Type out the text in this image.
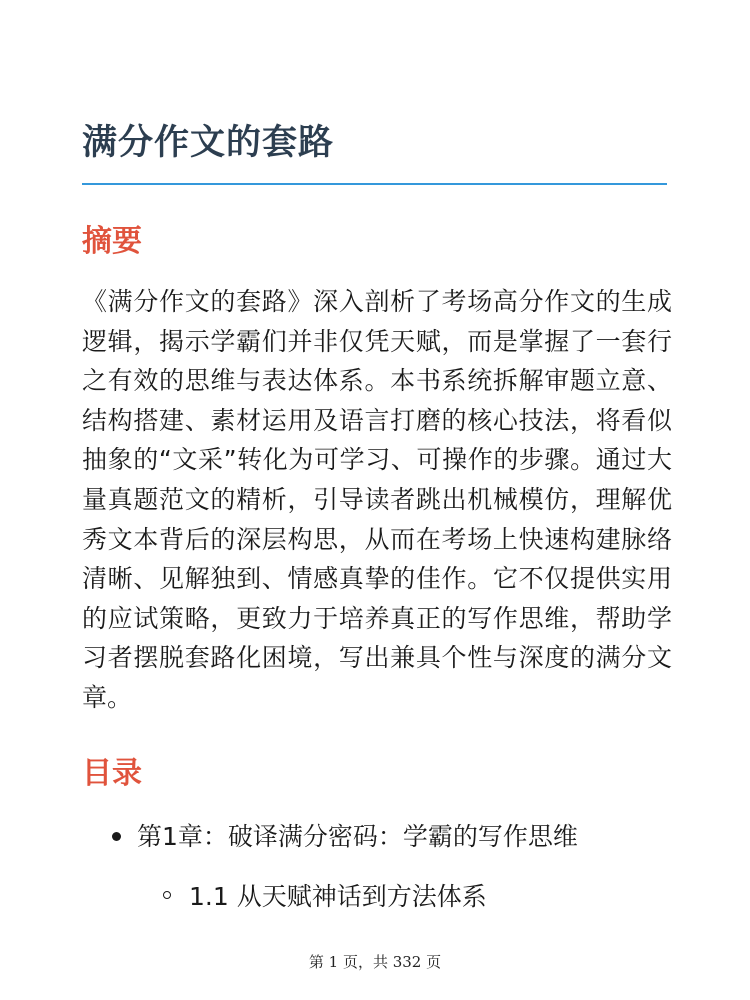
满分作文的套路
摘要

《满分作文的套路》深入剖析了考场高分作文的生成逻辑，揭示学霸们并非仅凭天赋，而是掌握了一套行之有效的思维与表达体系。本书系统拆解审题立意、结构搭建、素材运用及语言打磨的核心技法，将看似抽象的“文采”转化为可学习、可操作的步骤。通过大量真题范文的精析，引导读者跳出机械模仿，理解优秀文本背后的深层构思，从而在考场上快速构建脉络清晰、见解独到、情感真挚的佳作。它不仅提供实用的应试策略，更致力于培养真正的写作思维，帮助学习者摆脱套路化困境，写出兼具个性与深度的满分文章。

目录
第1章：破译满分密码：学霸的写作思维
1.1 从天赋神话到方法体系
第 1 页，共 332 页
